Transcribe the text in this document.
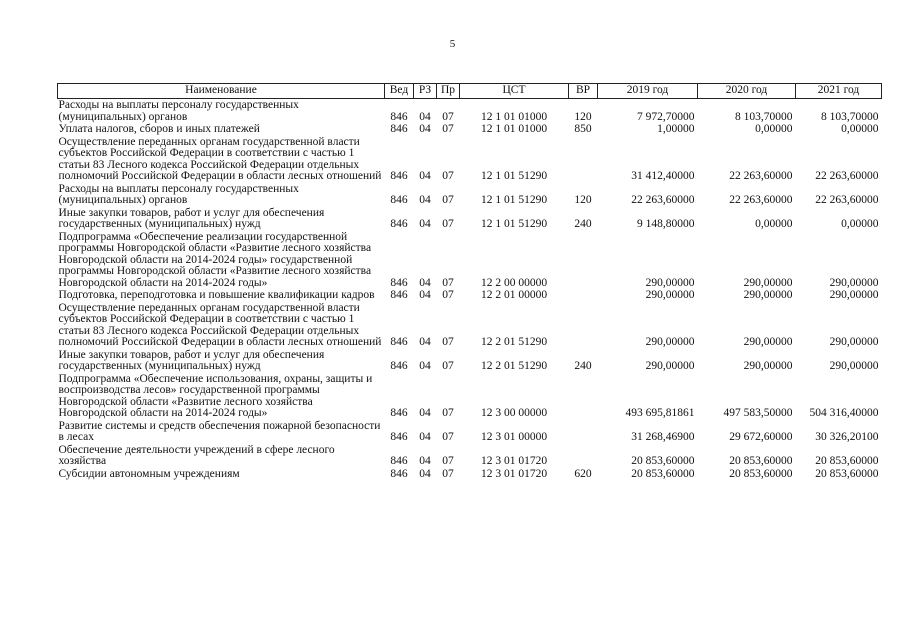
5
Наименование	Вед	РЗ	Пр	ЦСТ	ВР	2019 год	2020 год	2021 год
Расходы на выплаты персоналу государственных (муниципальных) органов	846	04	07	12 1 01 01000	120	7 972,70000	8 103,70000	8 103,70000
Уплата налогов, сборов и иных платежей	846	04	07	12 1 01 01000	850	1,00000	0,00000	0,00000
Осуществление переданных органам государственной власти субъектов Российской Федерации в соответствии с частью 1 статьи 83 Лесного кодекса Российской Федерации отдельных полномочий Российской Федерации в области лесных отношений	846	04	07	12 1 01 51290		31 412,40000	22 263,60000	22 263,60000
Расходы на выплаты персоналу государственных (муниципальных) органов	846	04	07	12 1 01 51290	120	22 263,60000	22 263,60000	22 263,60000
Иные закупки товаров, работ и услуг для обеспечения государственных (муниципальных) нужд	846	04	07	12 1 01 51290	240	9 148,80000	0,00000	0,00000
Подпрограмма «Обеспечение реализации государственной программы Новгородской области «Развитие лесного хозяйства Новгородской области на 2014-2024 годы» государственной программы Новгородской области «Развитие лесного хозяйства Новгородской области на 2014-2024 годы»	846	04	07	12 2 00 00000		290,00000	290,00000	290,00000
Подготовка, переподготовка и повышение квалификации кадров	846	04	07	12 2 01 00000		290,00000	290,00000	290,00000
Осуществление переданных органам государственной власти субъектов Российской Федерации в соответствии с частью 1 статьи 83 Лесного кодекса Российской Федерации отдельных полномочий Российской Федерации в области лесных отношений	846	04	07	12 2 01 51290		290,00000	290,00000	290,00000
Иные закупки товаров, работ и услуг для обеспечения государственных (муниципальных) нужд	846	04	07	12 2 01 51290	240	290,00000	290,00000	290,00000
Подпрограмма «Обеспечение использования, охраны, защиты и воспроизводства лесов» государственной программы Новгородской области «Развитие лесного хозяйства Новгородской области на 2014-2024 годы»	846	04	07	12 3 00 00000		493 695,81861	497 583,50000	504 316,40000
Развитие системы и средств обеспечения пожарной безопасности в лесах	846	04	07	12 3 01 00000		31 268,46900	29 672,60000	30 326,20100
Обеспечение деятельности учреждений в сфере лесного хозяйства	846	04	07	12 3 01 01720		20 853,60000	20 853,60000	20 853,60000
Субсидии автономным учреждениям	846	04	07	12 3 01 01720	620	20 853,60000	20 853,60000	20 853,60000
